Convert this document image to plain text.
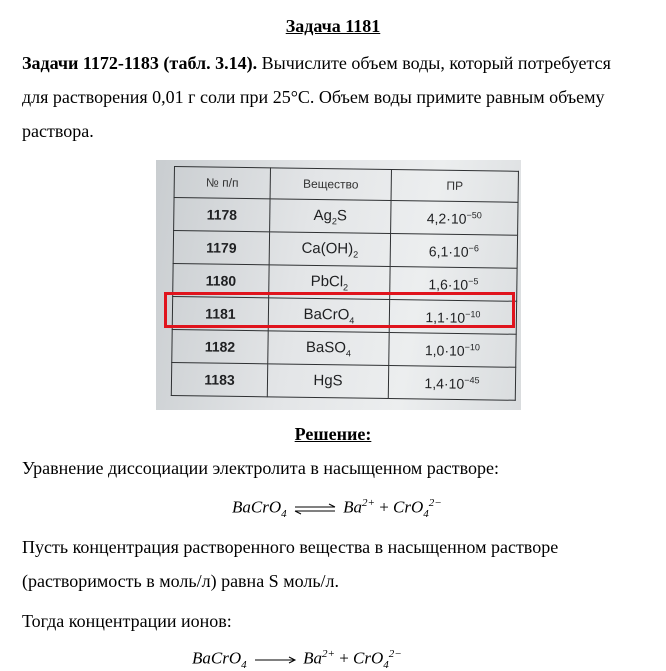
Задача 1181
Задачи 1172-1183 (табл. 3.14). Вычислите объем воды, который потребуется
для растворения 0,01 г соли при 25°С. Объем воды примите равным объему
раствора.
№ п/п	Вещество	ПР
1178	$Ag_2S$	$4,2\cdot 10^{-50}$
1179	$Ca(OH)_2$	$6,1\cdot 10^{-6}$
1180	PbCl$_2$	$1,6\cdot 10^{-5}$
1181	BaCrO$_4$	$1,1\cdot 10^{-10}$
1182	BaSO$_4$	$1,0\cdot 10^{-10}$
1183	HgS	$1,4\cdot 10^{-45}$
Решение:
Уравнение диссоциации электролита в насыщенном растворе:
BaCrO$_4$ ⇌ $Ba^{2+} + CrO_4^{2-}$
Пусть концентрация растворенного вещества в насыщенном растворе
(растворимость в моль/л) равна S моль/л.
Тогда концентрации ионов:
BaCrO$_4$	$Ba^{2+} + CrO_4^{2-}$
